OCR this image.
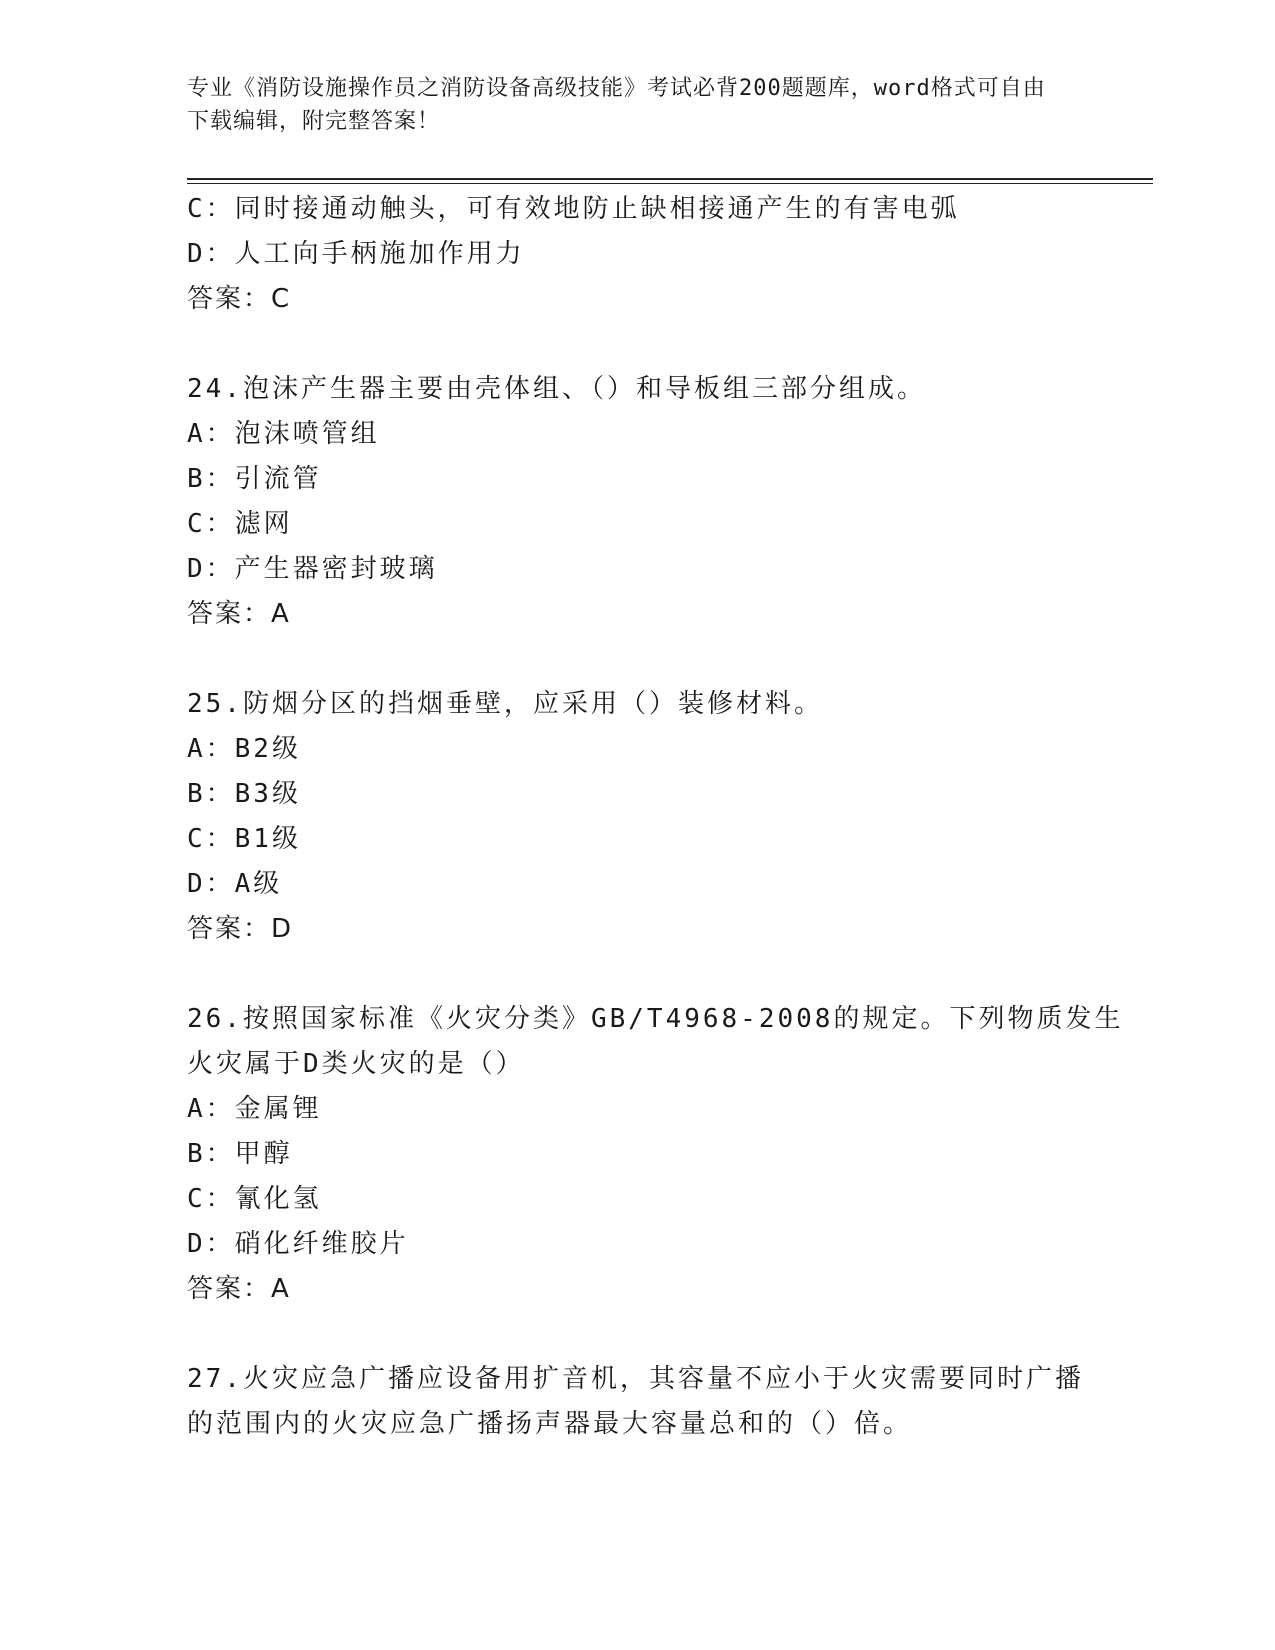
专业《消防设施操作员之消防设备高级技能》考试必背200题题库，word格式可自由下载编辑，附完整答案！
C：同时接通动触头，可有效地防止缺相接通产生的有害电弧
D：人工向手柄施加作用力
答案：C
24.泡沫产生器主要由壳体组、（）和导板组三部分组成。
A：泡沫喷管组
B：引流管
C：滤网
D：产生器密封玻璃
答案：A
25.防烟分区的挡烟垂壁，应采用（）装修材料。
A：B2级
B：B3级
C：B1级
D：A级
答案：D
26.按照国家标准《火灾分类》GB/T4968-2008的规定。下列物质发生
火灾属于D类火灾的是（）
A：金属锂
B：甲醇
C：氰化氢
D：硝化纤维胶片
答案：A
27.火灾应急广播应设备用扩音机，其容量不应小于火灾需要同时广播
的范围内的火灾应急广播扬声器最大容量总和的（）倍。
